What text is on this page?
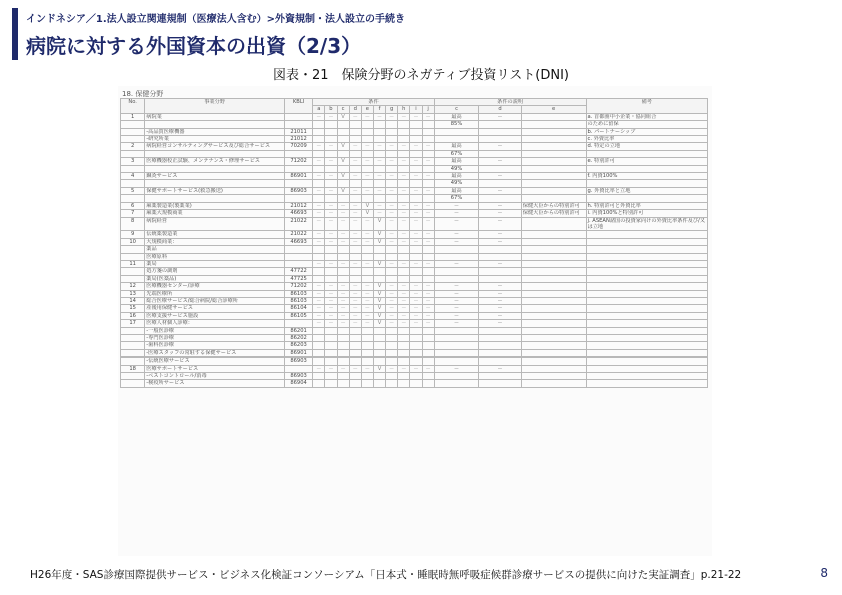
インドネシア／1.法人設立関連規制（医療法人含む）>外資規制・法人設立の手続き
病院に対する外国資本の出資（2/3）
図表・21　保険分野のネガティブ投資リスト(DNI)
18. 保健分野
No.	事業分野	KBLI	条件										条件の説明			備考
			a	b	c	d	e	f	g	h	i	j	c	d	e	
1	病院業		－	－	V	－	－	－	－	－	－	－	最高	－		a. 首都圏中小企業・協同組合
													85%			のために留保
	-高品質医療機器	21011														b. パートナーシップ
	-研究所業	21012														c. 外資比率
2	病院経営コンサルティングサービス及び総合サービス	70209	－	－	V	－	－	－	－	－	－	－	最高	－		d. 特定の立地
													67%			
3	医療機器校正試験、メンテナンス・修理サービス	71202	－	－	V	－	－	－	－	－	－	－	最高	－		e. 特別許可
													49%			
4	鍼灸サービス	86901	－	－	V	－	－	－	－	－	－	－	最高	－		f. 内資100%
													49%			
5	保健サポートサービス(救急搬送)	86903	－	－	V	－	－	－	－	－	－	－	最高	－		g. 外資比率と立地
													67%			
6	麻薬製造業(製薬業)	21012	－	－	－	－	V	－	－	－	－	－	－	－	保健大臣からの特別許可	h. 特別許可と外資比率
7	麻薬大規模商業	46693	－	－	－	－	V	－	－	－	－	－	－	－	保健大臣からの特別許可	i. 内資100%と特別許可
8	病院経営	21022	－	－	－	－	－	V	－	－	－	－	－	－		j. ASEAN諸国の投資家向けの外資比率条件及び/又は立地
9	伝統薬製造業	21022	－	－	－	－	－	V	－	－	－	－	－	－		
10	大規模商業：	46693	－	－	－	－	－	V	－	－	－	－	－	－		
	薬品															
	医療原料															
11	薬局		－	－	－	－	－	V	－	－	－	－	－	－		
	処方箋の調剤	47722														
	薬局(医薬品)	47725														
12	医療機器センター/診療	71202	－	－	－	－	－	V	－	－	－	－	－	－		
13	先端医療所	86103	－	－	－	－	－	V	－	－	－	－	－	－		
14	総合医療サービス/総合病院/総合診療所	86103	－	－	－	－	－	V	－	－	－	－	－	－		
15	産後用保健サービス	86104	－	－	－	－	－	V	－	－	－	－	－	－		
16	医療支援サービス施設	86105	－	－	－	－	－	V	－	－	－	－	－	－		
17	医療人材個人診療：		－	－	－	－	－	V	－	－	－	－	－	－		
	-一般医診療	86201														
	-専門医診療	86202														
	-歯科医診療	86203														
	-医療スタッフの常駐する保健サービス	86901														

	-伝統医療サービス	86903														
18	医療サポートサービス		－	－	－	－	－	V	－	－	－	－	－	－		
	-ペストコントロール/消毒	86903														
	-検疫所サービス	86904														
H26年度・SAS診療国際提供サービス・ビジネス化検証コンソーシアム「日本式・睡眠時無呼吸症候群診療サービスの提供に向けた実証調査」p.21-22	8
